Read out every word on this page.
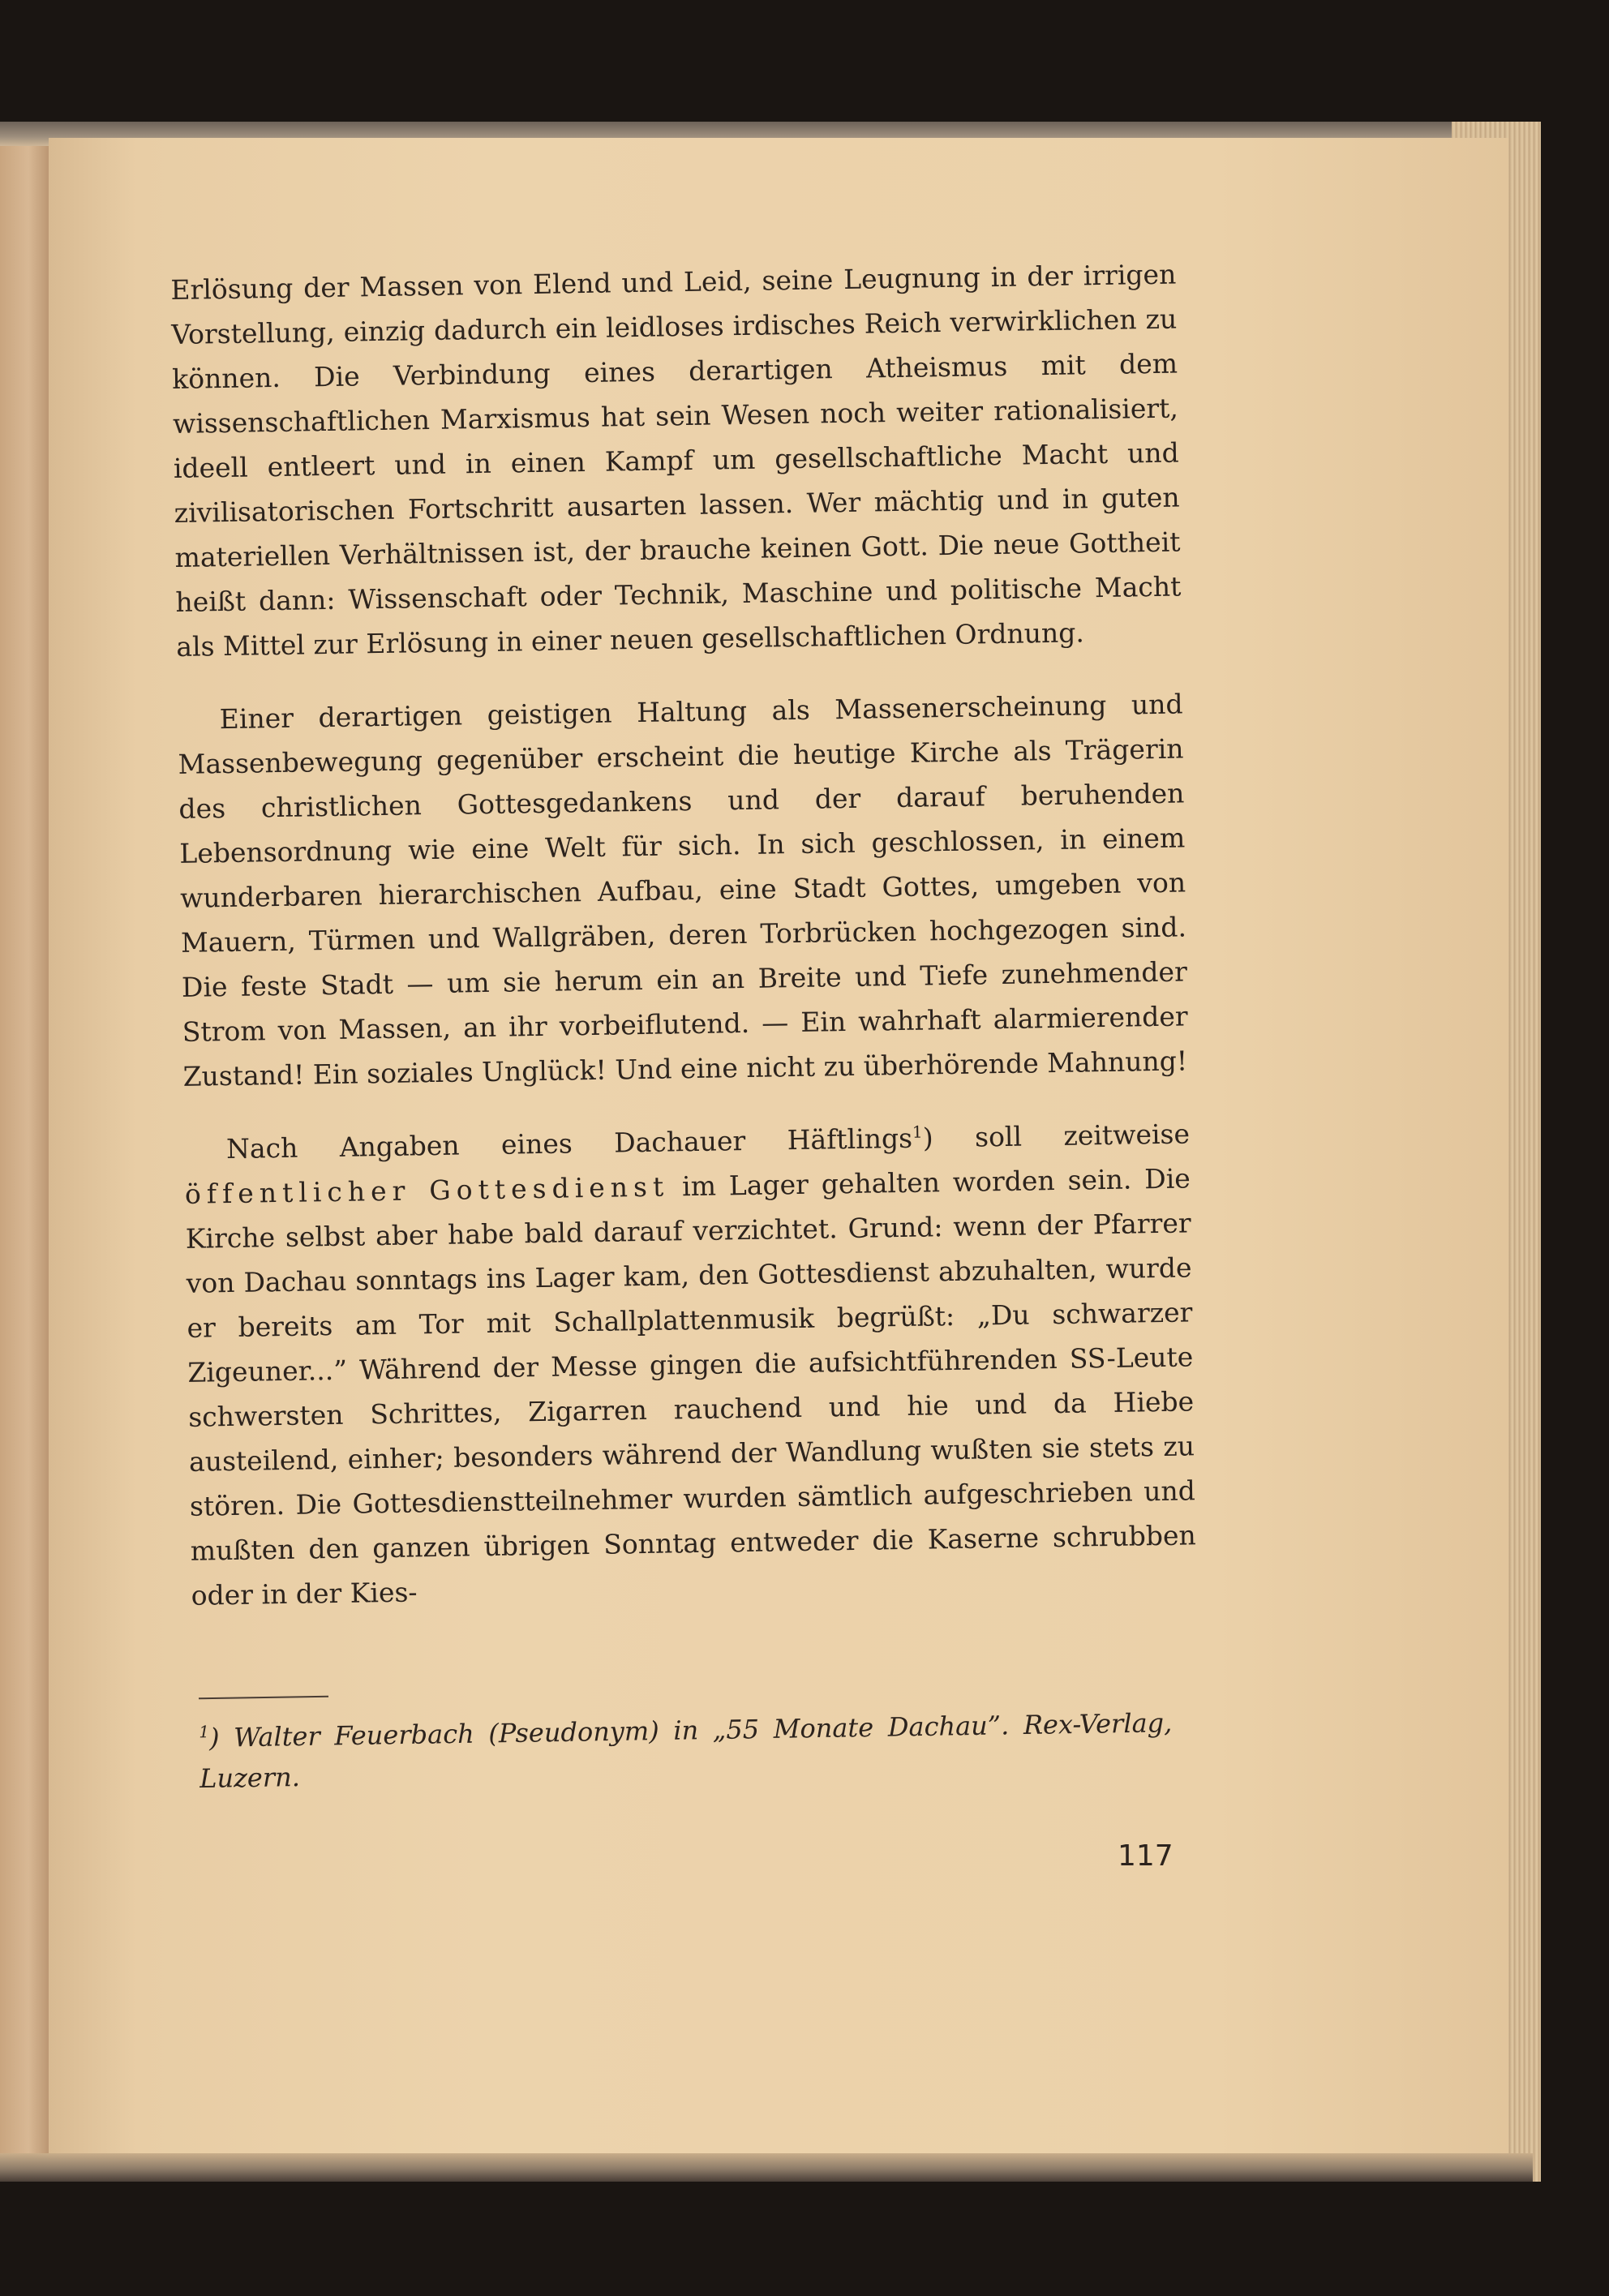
Erlösung der Massen von Elend und Leid, seine Leugnung in der irrigen Vorstellung, einzig dadurch ein leidloses irdisches Reich verwirklichen zu können. Die Verbindung eines derartigen Atheismus mit dem wissenschaftlichen Marxismus hat sein Wesen noch weiter rationalisiert, ideell entleert und in einen Kampf um gesellschaftliche Macht und zivilisatorischen Fortschritt ausarten lassen. Wer mächtig und in guten materiellen Verhältnissen ist, der brauche keinen Gott. Die neue Gottheit heißt dann: Wissenschaft oder Technik, Maschine und politische Macht als Mittel zur Erlösung in einer neuen gesellschaftlichen Ordnung.

Einer derartigen geistigen Haltung als Massenerscheinung und Massenbewegung gegenüber erscheint die heutige Kirche als Trägerin des christlichen Gottesgedankens und der darauf beruhenden Lebensordnung wie eine Welt für sich. In sich geschlossen, in einem wunderbaren hierarchischen Aufbau, eine Stadt Gottes, umgeben von Mauern, Türmen und Wallgräben, deren Torbrücken hochgezogen sind. Die feste Stadt — um sie herum ein an Breite und Tiefe zunehmender Strom von Massen, an ihr vorbeiflutend. — Ein wahrhaft alarmierender Zustand! Ein soziales Unglück! Und eine nicht zu überhörende Mahnung!

Nach Angaben eines Dachauer Häftlings$^1$) soll zeitweise öffentlicher Gottesdienst im Lager gehalten worden sein. Die Kirche selbst aber habe bald darauf verzichtet. Grund: wenn der Pfarrer von Dachau sonntags ins Lager kam, den Gottesdienst abzuhalten, wurde er bereits am Tor mit Schallplattenmusik begrüßt: „Du schwarzer Zigeuner...” Während der Messe gingen die aufsichtführenden SS-Leute schwersten Schrittes, Zigarren rauchend und hie und da Hiebe austeilend, einher; besonders während der Wandlung wußten sie stets zu stören. Die Gottesdienstteilnehmer wurden sämtlich aufgeschrieben und mußten den ganzen übrigen Sonntag entweder die Kaserne schrubben oder in der Kies-

$^1$) Walter Feuerbach (Pseudonym) in „55 Monate Dachau”. Rex-Verlag, Luzern.
117
